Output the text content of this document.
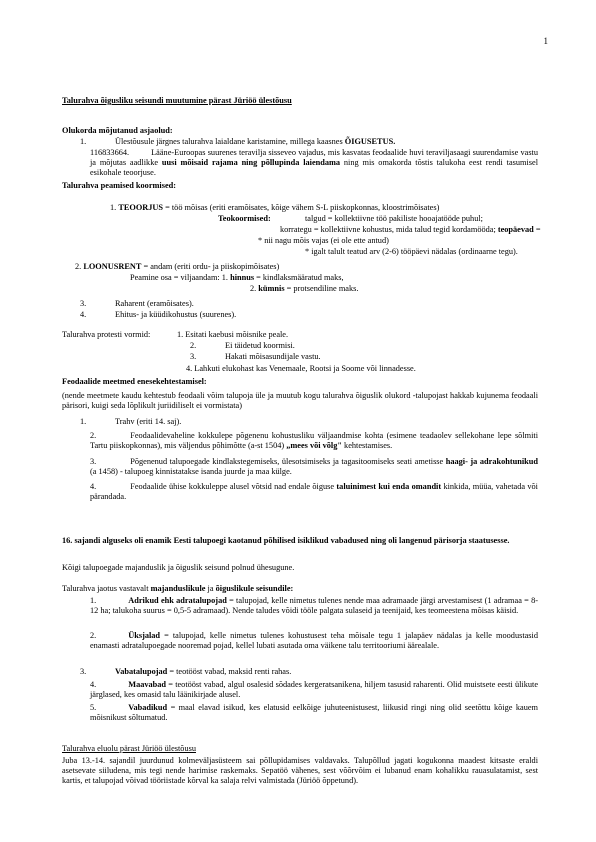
1
Talurahva õigusliku seisundi muutumine pärast Jüriöö ülestõusu
Olukorda mõjutanud asjaolud:
1.	Ülestõusule järgnes talurahva laialdane karistamine, millega kaasnes ÕIGUSETUS.
116833664.	Lääne-Euroopas suurenes teravilja sisseveo vajadus, mis kasvatas feodaalide huvi teraviljasaagi suurendamise vastu ja mõjutas aadlikke uusi mõisaid rajama ning põllupinda laiendama ning mis omakorda tõstis talukoha eest rendi tasumisel esikohale teoorjuse.
Talurahva peamised koormised:
1. TEOORJUS = töö mõisas (eriti eramõisates, kõige vähem S-L piiskopkonnas, kloostrimõisates)
Teokoormised:	talgud = kollektiivne töö pakiliste hooajatööde puhul;
korrategu = kollektiivne kohustus, mida talud tegid kordamööda; teopäevad =
* nii nagu mõis vajas (ei ole ette antud)
* igalt talult teatud arv (2-6) tööpäevi nädalas (ordinaarne tegu).
2. LOONUSRENT = andam (eriti ordu- ja piiskopimõisates)
Peamine osa = viljaandam: 1. hinnus = kindlaksmääratud maks,
2. kümnis = protsendiline maks.
3.	Raharent (eramõisates).
4.	Ehitus- ja küüdikohustus (suurenes).
Talurahva protesti vormid:	1. Esitati kaebusi mõisnike peale.
2.	Ei täidetud koormisi.
3.	Hakati mõisasundijale vastu.
4. Lahkuti elukohast kas Venemaale, Rootsi ja Soome või linnadesse.
Feodaalide meetmed enesekehtestamisel:
(nende meetmete kaudu kehtestub feodaali võim talupoja üle ja muutub kogu talurahva õiguslik olukord -talupojast hakkab kujunema feodaali pärisori, kuigi seda lõplikult juriidiliselt ei vormistata)
1.	Trahv (eriti 14. saj).
2.	Feodaalidevaheline kokkulepe põgenenu kohustusliku väljaandmise kohta (esimene teadaolev sellekohane lepe sõlmiti Tartu piiskopkonnas), mis väljendus põhimõtte (a-st 1504) „mees või võlg" kehtestamises.
3.	Põgenenud talupoegade kindlakstegemiseks, ülesotsimiseks ja tagasitoomiseks seati ametisse haagi- ja adrakohtunikud (a 1458) - talupoeg kinnistatakse isanda juurde ja maa külge.
4.	Feodaalide ühise kokkuleppe alusel võtsid nad endale õiguse taluinimest kui enda omandit kinkida, müüa, vahetada või pärandada.
16. sajandi alguseks oli enamik Eesti talupoegi kaotanud põhilised isiklikud vabadused ning oli langenud pärisorja staatusesse.
Kõigi talupoegade majanduslik ja õiguslik seisund polnud ühesugune.
Talurahva jaotus vastavalt majanduslikule ja õiguslikule seisundile:
1.	Adrikud ehk adratalupojad = talupojad, kelle nimetus tulenes nende maa adramaade järgi arvestamisest (1 adramaa = 8-12 ha; talukoha suurus = 0,5-5 adramaad). Nende taludes võidi tööle palgata sulaseid ja teenijaid, kes teomeestena mõisas käisid.
2.	Üksjalad = talupojad, kelle nimetus tulenes kohustusest teha mõisale tegu 1 jalapäev nädalas ja kelle moodustasid enamasti adratalupoegade nooremad pojad, kellel lubati asutada oma väikene talu territooriumi äärealale.
3.	Vabatalupojad = teotööst vabad, maksid renti rahas.
4.	Maavabad = teotööst vabad, algul osalesid sõdades kergeratsanikena, hiljem tasusid raharenti. Olid muistsete eesti ülikute järglased, kes omasid talu läänikirjade alusel.
5.	Vabadikud = maal elavad isikud, kes elatusid eelkõige juhuteenistusest, liikusid ringi ning olid seetõttu kõige kauem mõisnikust sõltumatud.
Talurahva eluolu pärast Jüriöö ülestõusu
Juba 13.-14. sajandil juurdunud kolmeväljasüsteem sai põllupidamises valdavaks. Talupõllud jagati kogukonna maadest kitsaste eraldi asetsevate siiludena, mis tegi nende harimise raskemaks. Sepatöö vähenes, sest võõrvõim ei lubanud enam kohalikku rauasulatamist, sest kartis, et talupojad võivad tööriistade kõrval ka salaja relvi valmistada (Jüriöö õppetund).
